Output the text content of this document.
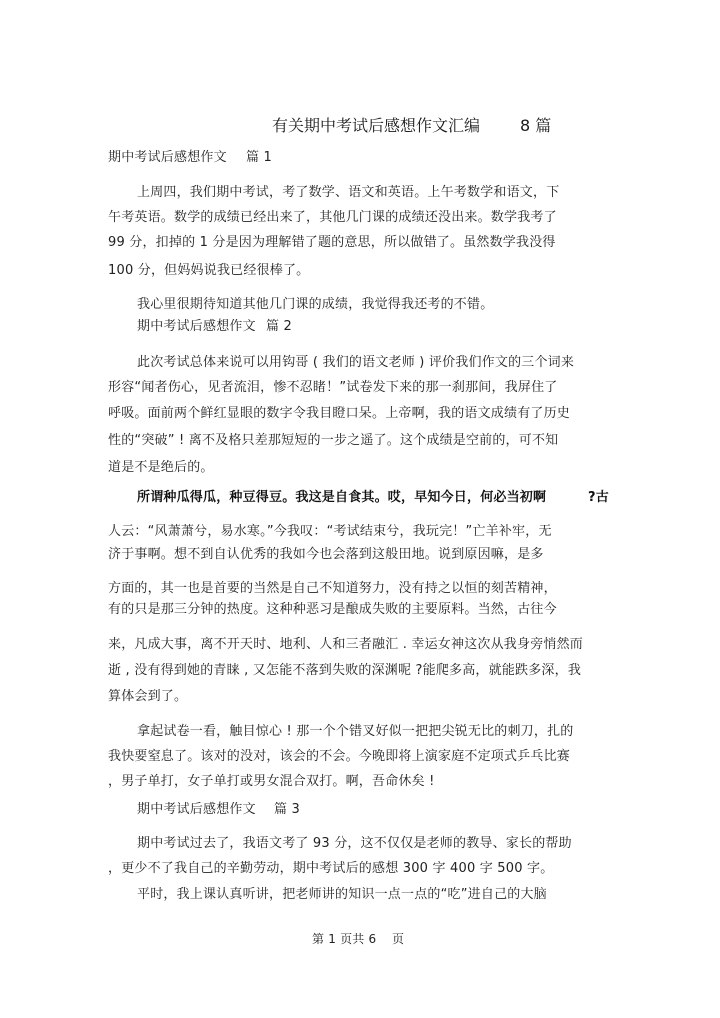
有关期中考试后感想作文汇编 8 篇
期中考试后感想作文 篇 1
上周四，我们期中考试，考了数学、语文和英语。上午考数学和语文，下
午考英语。数学的成绩已经出来了，其他几门课的成绩还没出来。数学我考了
99 分，扣掉的 1 分是因为理解错了题的意思，所以做错了。虽然数学我没得
100 分，但妈妈说我已经很棒了。
我心里很期待知道其他几门课的成绩，我觉得我还考的不错。
期中考试后感想作文 篇 2
此次考试总体来说可以用钩哥 ( 我们的语文老师 ) 评价我们作文的三个词来
形容“闻者伤心，见者流泪，惨不忍睹！”试卷发下来的那一刹那间，我屏住了
呼吸。面前两个鲜红显眼的数字令我目瞪口呆。上帝啊，我的语文成绩有了历史
性的“突破” ! 离不及格只差那短短的一步之遥了。这个成绩是空前的，可不知
道是不是绝后的。
所谓种瓜得瓜，种豆得豆。我这是自食其。哎，早知今日，何必当初啊	?古
人云：“风萧萧兮，易水寒。”今我叹：“考试结束兮，我玩完！”亡羊补牢，无
济于事啊。想不到自认优秀的我如今也会落到这般田地。说到原因嘛，是多
方面的，其一也是首要的当然是自己不知道努力，没有持之以恒的刻苦精神，
有的只是那三分钟的热度。这种种恶习是酿成失败的主要原料。当然，古往今
来，凡成大事，离不开天时、地利、人和三者融汇 . 幸运女神这次从我身旁悄然而
逝 , 没有得到她的青睐 , 又怎能不落到失败的深渊呢 ?能爬多高，就能跌多深，我
算体会到了。
拿起试卷一看，触目惊心 ! 那一个个错叉好似一把把尖锐无比的刺刀，扎的
我快要窒息了。该对的没对，该会的不会。今晚即将上演家庭不定项式乒乓比赛
，男子单打，女子单打或男女混合双打。啊，吾命休矣 !
期中考试后感想作文 篇 3
期中考试过去了，我语文考了 93 分，这不仅仅是老师的教导、家长的帮助
，更少不了我自己的辛勤劳动，期中考试后的感想 300 字 400 字 500 字。
平时，我上课认真听讲，把老师讲的知识一点一点的“吃”进自己的大脑
第 1 页共 6 页
